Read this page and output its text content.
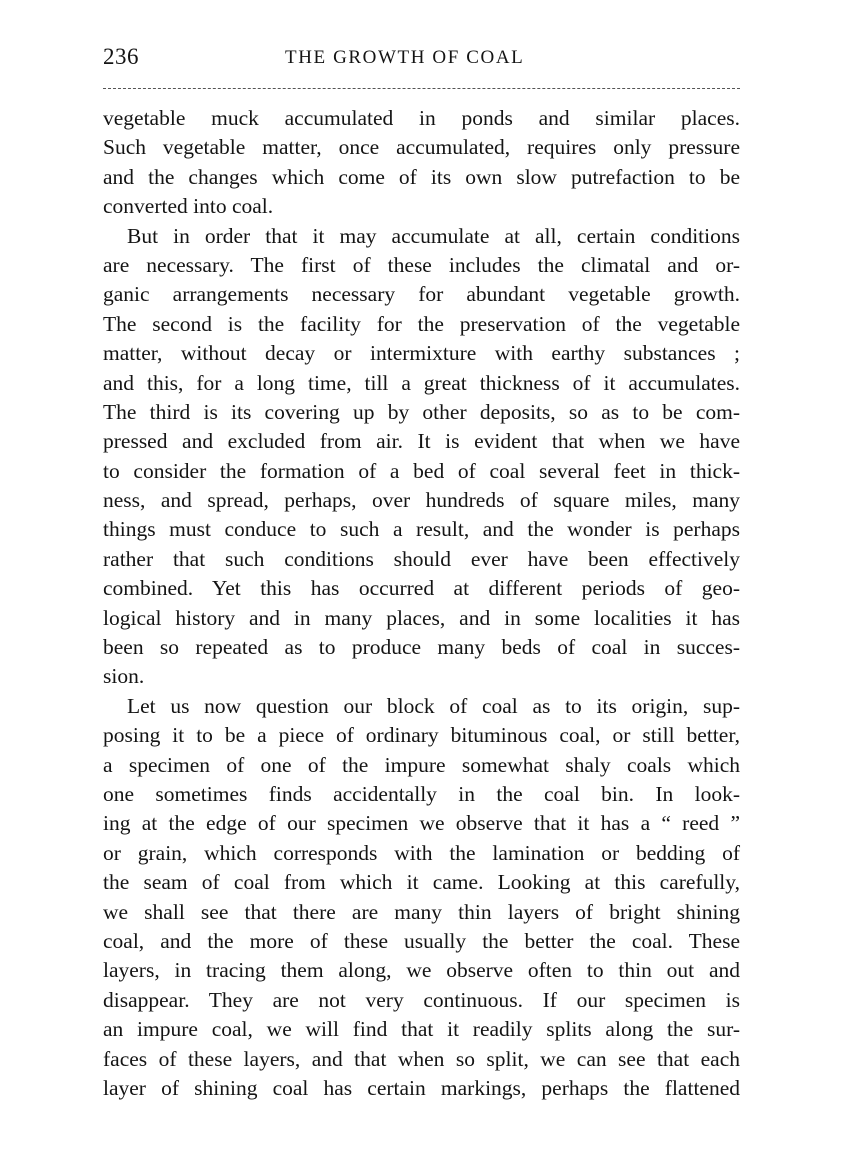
236	THE GROWTH OF COAL
vegetable muck accumulated in ponds and similar places.
Such vegetable matter, once accumulated, requires only pressure
and the changes which come of its own slow putrefaction to be
converted into coal.
But in order that it may accumulate at all, certain conditions
are necessary. The first of these includes the climatal and or-
ganic arrangements necessary for abundant vegetable growth.
The second is the facility for the preservation of the vegetable
matter, without decay or intermixture with earthy substances ;
and this, for a long time, till a great thickness of it accumulates.
The third is its covering up by other deposits, so as to be com-
pressed and excluded from air. It is evident that when we have
to consider the formation of a bed of coal several feet in thick-
ness, and spread, perhaps, over hundreds of square miles, many
things must conduce to such a result, and the wonder is perhaps
rather that such conditions should ever have been effectively
combined. Yet this has occurred at different periods of geo-
logical history and in many places, and in some localities it has
been so repeated as to produce many beds of coal in succes-
sion.
Let us now question our block of coal as to its origin, sup-
posing it to be a piece of ordinary bituminous coal, or still better,
a specimen of one of the impure somewhat shaly coals which
one sometimes finds accidentally in the coal bin. In look-
ing at the edge of our specimen we observe that it has a “ reed ”
or grain, which corresponds with the lamination or bedding of
the seam of coal from which it came. Looking at this carefully,
we shall see that there are many thin layers of bright shining
coal, and the more of these usually the better the coal. These
layers, in tracing them along, we observe often to thin out and
disappear. They are not very continuous. If our specimen is
an impure coal, we will find that it readily splits along the sur-
faces of these layers, and that when so split, we can see that each
layer of shining coal has certain markings, perhaps the flattened
